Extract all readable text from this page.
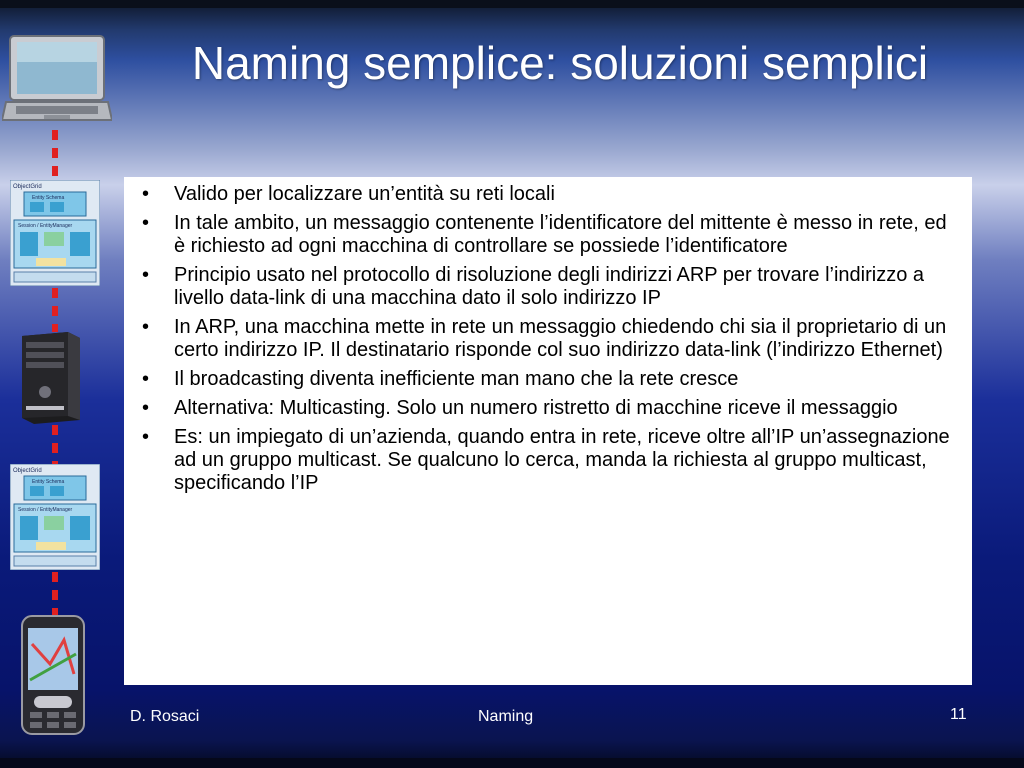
ObjectGrid
Entity Schema
Session / EntityManager
ObjectGrid
Entity Schema
Session / EntityManager
Naming semplice: soluzioni semplici
• Valido per localizzare un’entità su reti locali
• In tale ambito, un messaggio contenente l’identificatore del mittente è messo in rete, ed è richiesto ad ogni macchina di controllare se possiede l’identificatore
• Principio usato nel protocollo di risoluzione degli indirizzi ARP per trovare l’indirizzo a livello data-link di una macchina dato il solo indirizzo IP
• In ARP, una macchina mette in rete un messaggio chiedendo chi sia il proprietario di un certo indirizzo IP. Il destinatario risponde col suo indirizzo data-link (l’indirizzo Ethernet)
• Il broadcasting diventa inefficiente man mano che la rete cresce
• Alternativa: Multicasting. Solo un numero ristretto di macchine riceve il messaggio
• Es: un impiegato di un’azienda, quando entra in rete, riceve oltre all’IP un’assegnazione ad un gruppo multicast. Se qualcuno lo cerca, manda la richiesta al gruppo multicast, specificando l’IP
D. Rosaci	Naming	11
